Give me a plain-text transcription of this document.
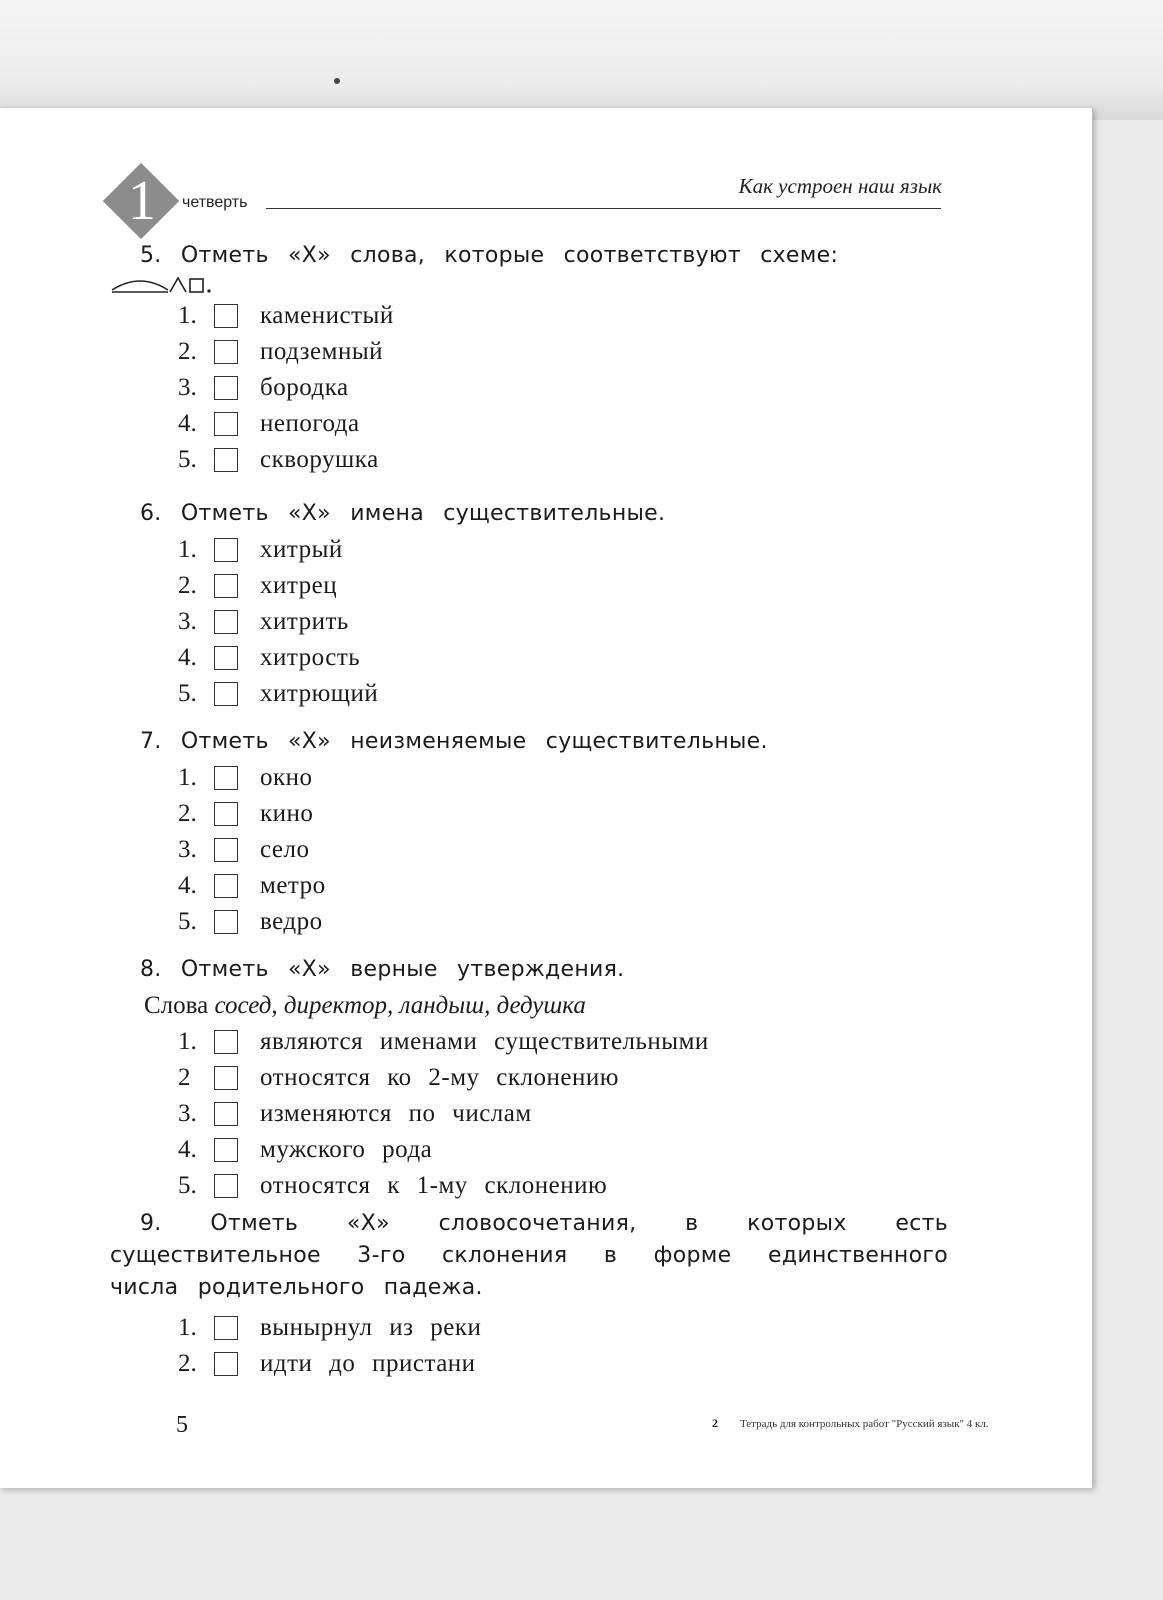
1	четверть
Как устроен наш язык

5. Отметь «Х» слова, которые соответствуют схеме:

1.	каменистый
2.	подземный
3.	бородка
4.	непогода
5.	скворушка

6. Отметь «Х» имена существительные.

1.	хитрый
2.	хитрец
3.	хитрить
4.	хитрость
5.	хитрющий

7. Отметь «Х» неизменяемые существительные.

1.	окно
2.	кино
3.	село
4.	метро
5.	ведро

8. Отметь «Х» верные утверждения.

Слова сосед, директор, ландыш, дедушка

1.	являются именами существительными
2	относятся ко 2-му склонению
3.	изменяются по числам
4.	мужского рода
5.	относятся к 1-му склонению

9. Отметь «Х» словосочетания, в которых есть существительное 3-го склонения в форме единственного числа родительного падежа.

1.	вынырнул из реки
2.	идти до пристани
5	2 Тетрадь для контрольных работ "Русский язык" 4 кл.
